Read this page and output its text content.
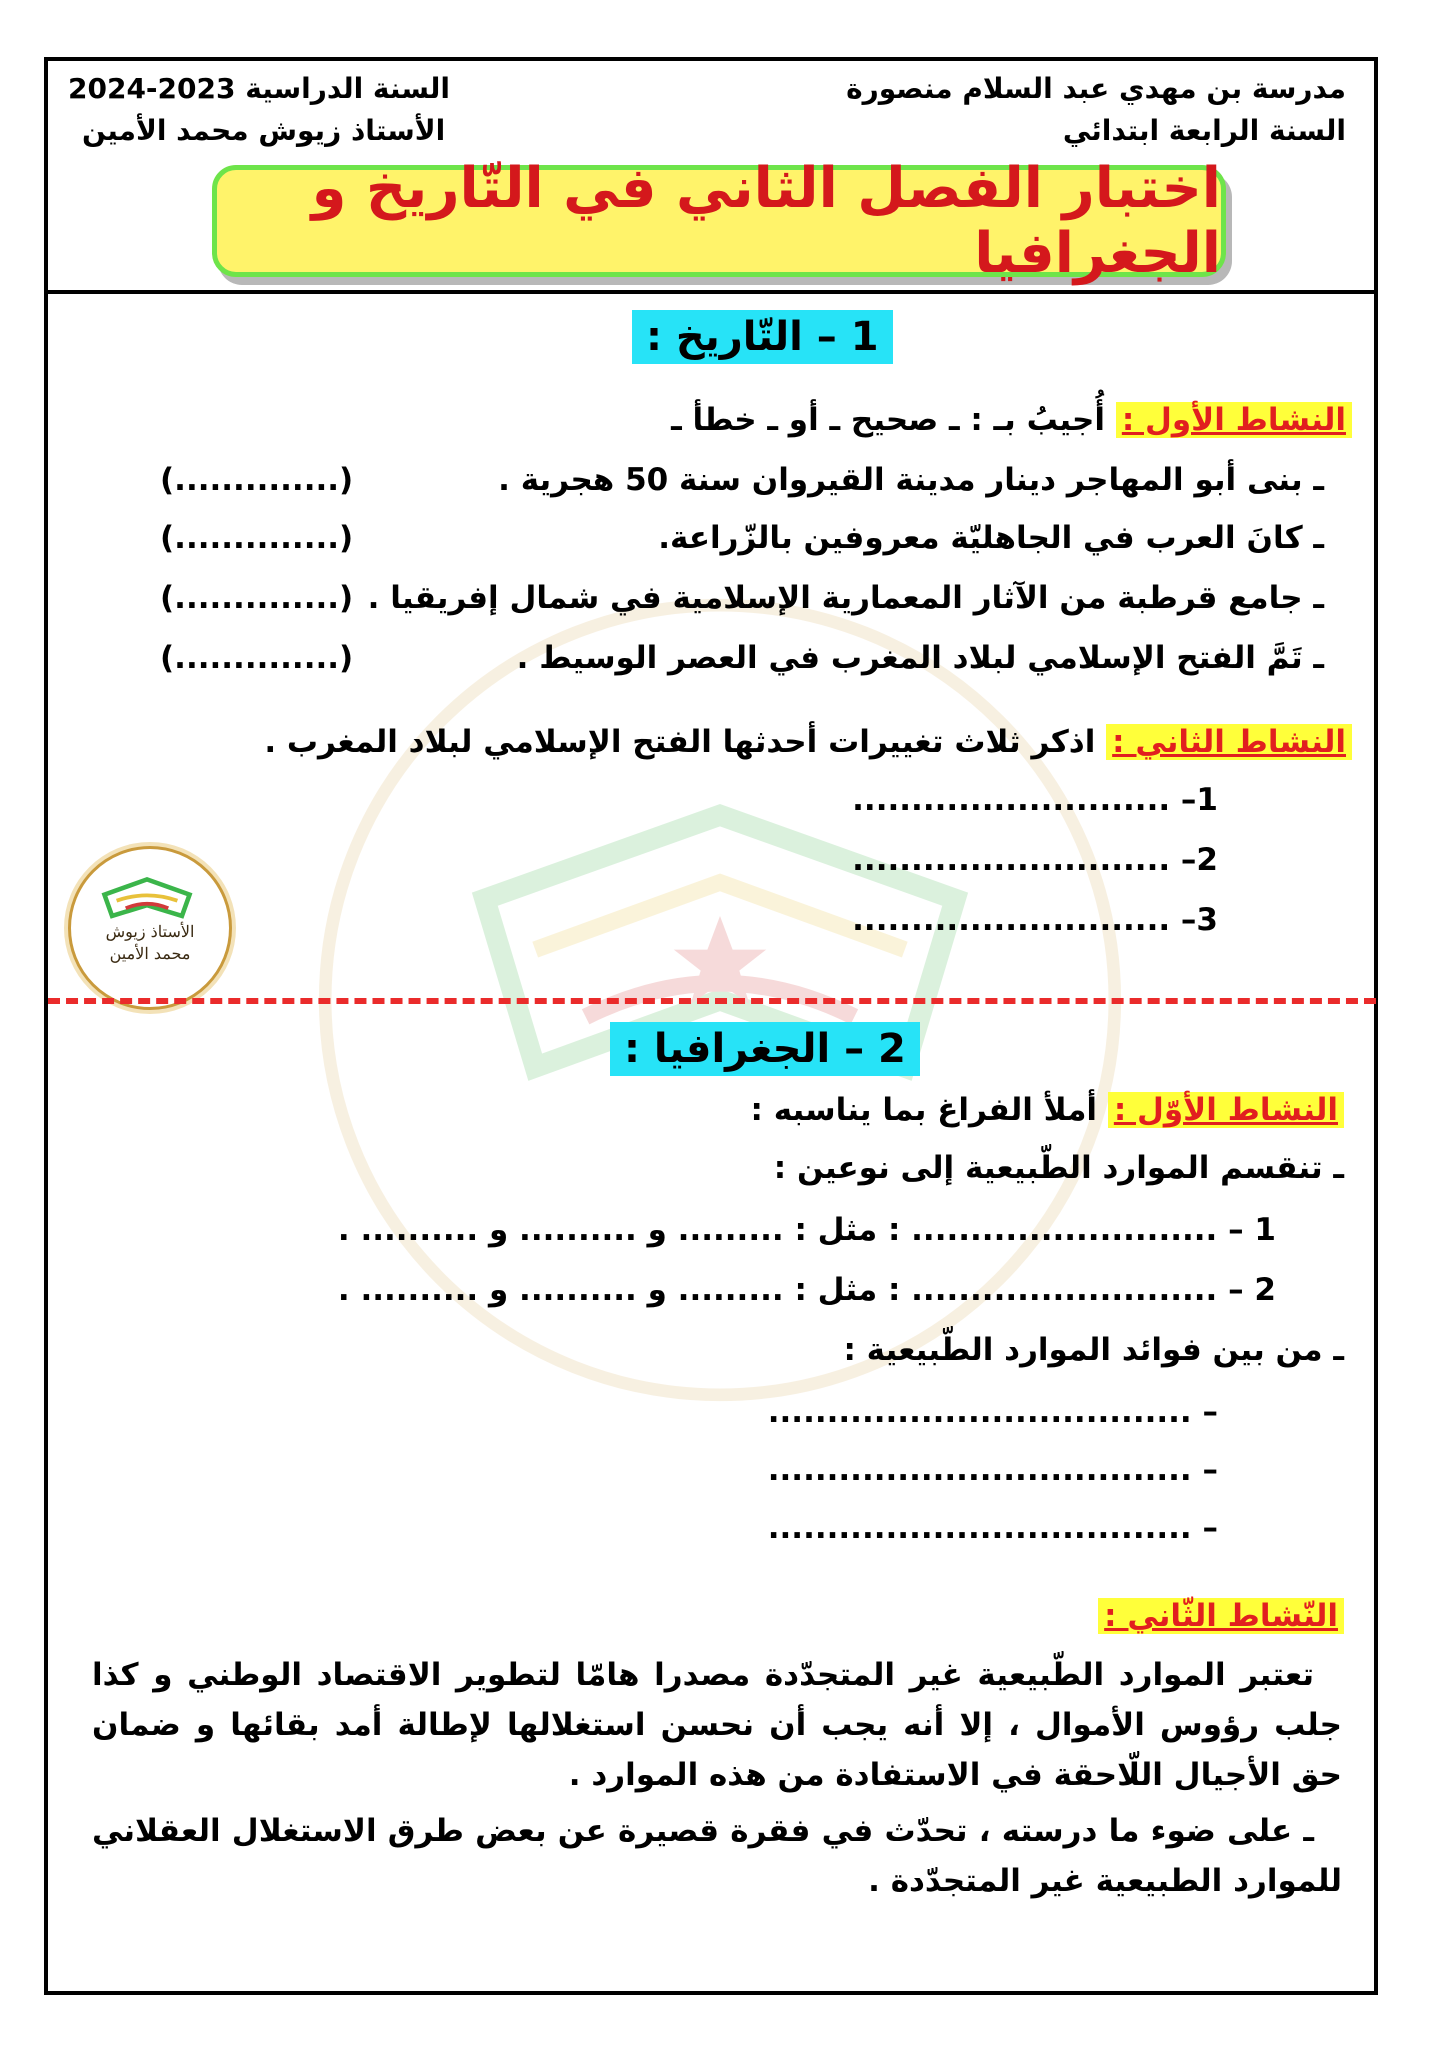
مدرسة بن مهدي عبد السلام منصورة
السنة الرابعة ابتدائي
السنة الدراسية 2024-2023
الأستاذ زيوش محمد الأمين
اختبار الفصل الثاني في التّاريخ و الجغرافيا
1 – التّاريخ :
النشاط الأول : أُجيبُ بـ : ـ صحيح ـ أو ـ خطأ ـ
ـ بنى أبو المهاجر دينار مدينة القيروان سنة 50 هجرية .
ـ كانَ العرب في الجاهليّة معروفين بالزّراعة.
ـ جامع قرطبة من الآثار المعمارية الإسلامية في شمال إفريقيا .
ـ تَمَّ الفتح الإسلامي لبلاد المغرب في العصر الوسيط .
(..............)
(..............)
(..............)
(..............)
النشاط الثاني : اذكر ثلاث تغييرات أحدثها الفتح الإسلامي لبلاد المغرب .
1– ...........................
2– ...........................
3– ...........................
الأستاذ زيوش
محمد الأمين
2 – الجغرافيا :
النشاط الأوّل : أملأ الفراغ بما يناسبه :
ـ تنقسم الموارد الطّبيعية إلى نوعين :
1 – .......................... : مثل : ......... و .......... و .......... .
2 – .......................... : مثل : ......... و .......... و .......... .
ـ من بين فوائد الموارد الطّبيعية :
– ....................................
– ....................................
– ....................................
النّشاط الثّاني :
تعتبر الموارد الطّبيعية غير المتجدّدة مصدرا هامّا لتطوير الاقتصاد الوطني و كذا جلب رؤوس الأموال ، إلا أنه يجب أن نحسن استغلالها لإطالة أمد بقائها و ضمان حق الأجيال اللّاحقة في الاستفادة من هذه الموارد .
ـ على ضوء ما درسته ، تحدّث في فقرة قصيرة عن بعض طرق الاستغلال العقلاني للموارد الطبيعية غير المتجدّدة .
